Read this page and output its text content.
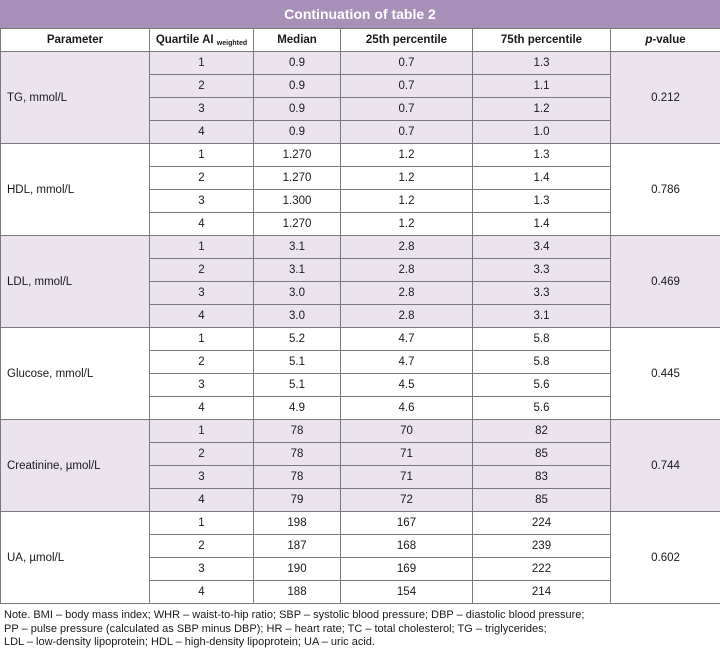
Continuation of table 2
Parameter	Quartile AI $_{weighted}$	Median	25th percentile	75th percentile	p-value
TG, mmol/L	1	0.9	0.7	1.3	0.212
	2	0.9	0.7	1.1	
	3	0.9	0.7	1.2	
	4	0.9	0.7	1.0	
HDL, mmol/L	1	1.270	1.2	1.3	0.786
	2	1.270	1.2	1.4	
	3	1.300	1.2	1.3	
	4	1.270	1.2	1.4	
LDL, mmol/L	1	3.1	2.8	3.4	0.469
	2	3.1	2.8	3.3	
	3	3.0	2.8	3.3	
	4	3.0	2.8	3.1	
Glucose, mmol/L	1	5.2	4.7	5.8	0.445
	2	5.1	4.7	5.8	
	3	5.1	4.5	5.6	
	4	4.9	4.6	5.6	
Creatinine, µmol/L	1	78	70	82	0.744
	2	78	71	85	
	3	78	71	83	
	4	79	72	85	
UA, µmol/L	1	198	167	224	0.602
	2	187	168	239	
	3	190	169	222	
	4	188	154	214	
Note. BMI – body mass index; WHR – waist-to-hip ratio; SBP – systolic blood pressure; DBP – diastolic blood pressure;
PP – pulse pressure (calculated as SBP minus DBP); HR – heart rate; TC – total cholesterol; TG – triglycerides;
LDL – low-density lipoprotein; HDL – high-density lipoprotein; UA – uric acid.
